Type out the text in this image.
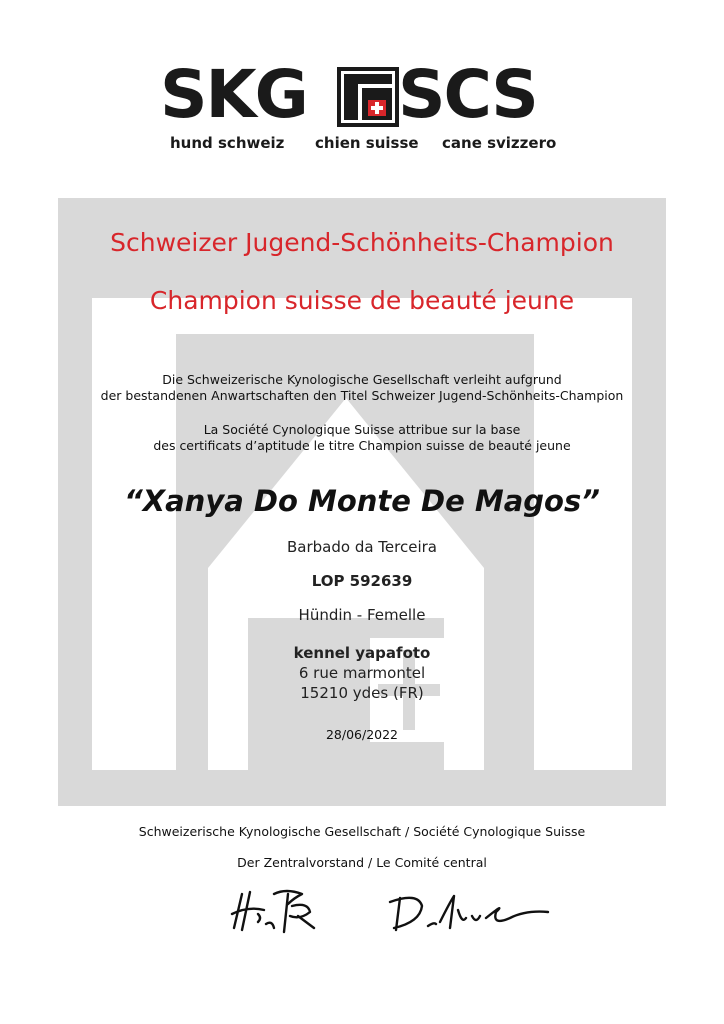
SKG SCS
hund schweiz chien suisse cane svizzero
Schweizer Jugend-Schönheits-Champion
Champion suisse de beauté jeune
Die Schweizerische Kynologische Gesellschaft verleiht aufgrund
der bestandenen Anwartschaften den Titel Schweizer Jugend-Schönheits-Champion
La Société Cynologique Suisse attribue sur la base
des certificats d’aptitude le titre Champion suisse de beauté jeune
“Xanya Do Monte De Magos”
Barbado da Terceira
LOP 592639
Hündin - Femelle
kennel yapafoto
6 rue marmontel
15210 ydes (FR)
28/06/2022
Schweizerische Kynologische Gesellschaft / Société Cynologique Suisse
Der Zentralvorstand / Le Comité central
